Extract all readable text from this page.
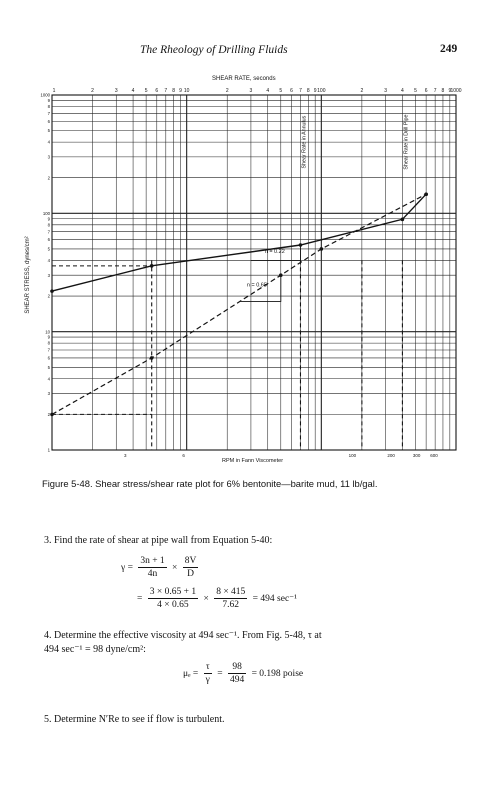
The Rheology of Drilling Fluids	249
SHEAR RATE, seconds
SHEAR STRESS, dynes/cm²
RPM in Fann Viscometer
1	2	3	4 5 6 7 8 9 10	2	3	4 5 6 7 8 9 100	2	3	4 5 6 7 8 9 1000
1000
9
8
7
6
5
4
3
2
100
9
8
7
6
5
4
3
2
10
9
8
7
6
5
4
3
2
1
3	6	100	200	300 600
n = 0.22
n = 0.65
Shear Rate in Annulus	Shear Rate in Drill Pipe
Figure 5-48. Shear stress/shear rate plot for 6% bentonite—barite mud, 11 lb/gal.
3. Find the rate of shear at pipe wall from Equation 5-40:
$\gamma = \frac{3n + 1}{4n} \times \frac{8V}{D}$
= $\frac{3 \times 0.65 + 1}{4 \times 0.65} \times \frac{8 \times 415}{7.62} = 494$ sec⁻¹
4. Determine the effective viscosity at 494 sec⁻¹. From Fig. 5-48, τ at
494 sec⁻¹ = 98 dyne/cm²:
$\mu_e = \frac{\tau}{\gamma} = \frac{98}{494} = 0.198$ poise
5. Determine N′Re to see if flow is turbulent.
